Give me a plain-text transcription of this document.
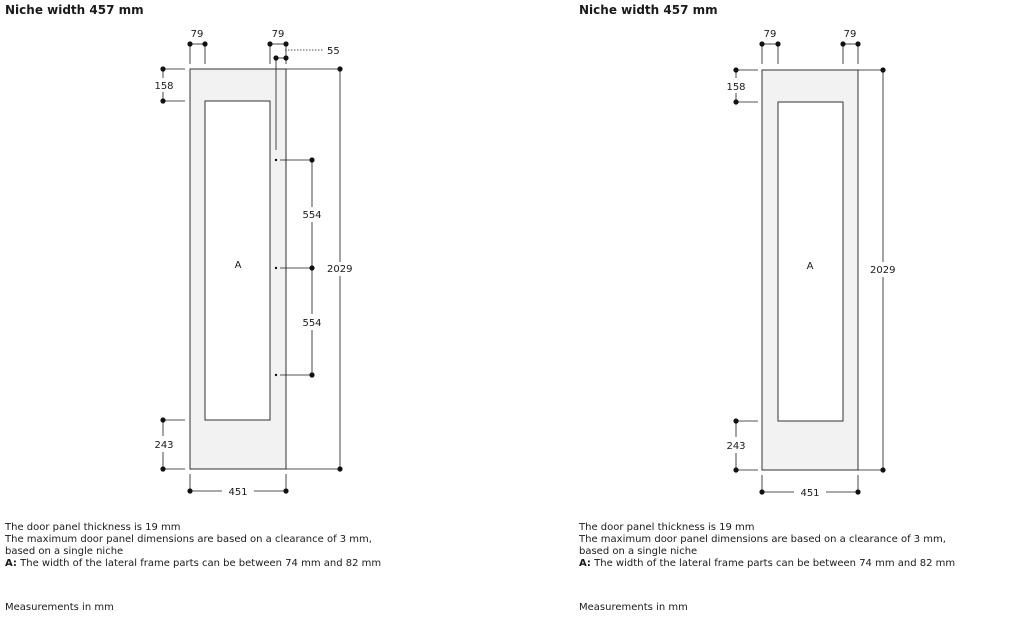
Niche width 457 mm
79	79
55
158
243
2029
554
554
451
A
The door panel thickness is 19 mm
The maximum door panel dimensions are based on a clearance of 3 mm,
based on a single niche
A: The width of the lateral frame parts can be between 74 mm and 82 mm
Measurements in mm
Niche width 457 mm
79	79
158
243
2029
451
A
The door panel thickness is 19 mm
The maximum door panel dimensions are based on a clearance of 3 mm,
based on a single niche
A: The width of the lateral frame parts can be between 74 mm and 82 mm
Measurements in mm
